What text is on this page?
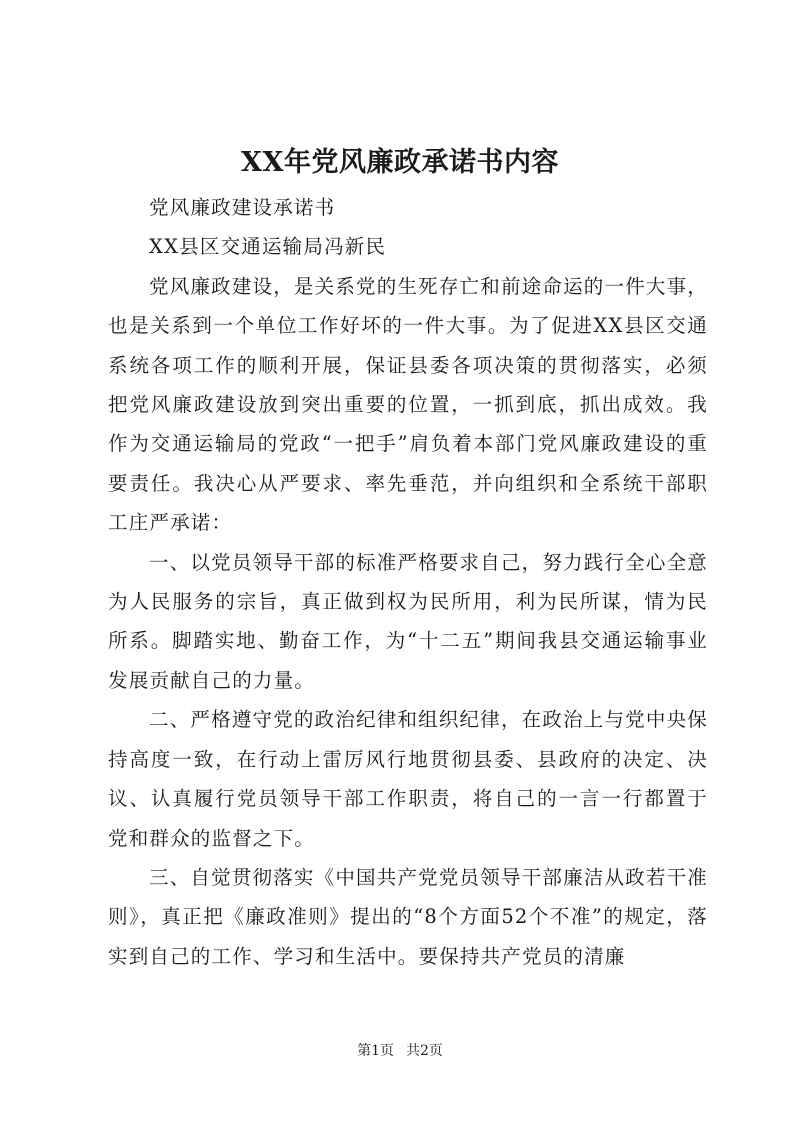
XX年党风廉政承诺书内容

党风廉政建设承诺书

XX县区交通运输局冯新民

党风廉政建设，是关系党的生死存亡和前途命运的一件大事，也是关系到一个单位工作好坏的一件大事。为了促进XX县区交通系统各项工作的顺利开展，保证县委各项决策的贯彻落实，必须把党风廉政建设放到突出重要的位置，一抓到底，抓出成效。我作为交通运输局的党政“一把手”肩负着本部门党风廉政建设的重要责任。我决心从严要求、率先垂范，并向组织和全系统干部职工庄严承诺：

一、以党员领导干部的标准严格要求自己，努力践行全心全意为人民服务的宗旨，真正做到权为民所用，利为民所谋，情为民所系。脚踏实地、勤奋工作，为“十二五”期间我县交通运输事业发展贡献自己的力量。

二、严格遵守党的政治纪律和组织纪律，在政治上与党中央保持高度一致，在行动上雷厉风行地贯彻县委、县政府的决定、决议、认真履行党员领导干部工作职责，将自己的一言一行都置于党和群众的监督之下。

三、自觉贯彻落实《中国共产党党员领导干部廉洁从政若干准则》，真正把《廉政准则》提出的“8个方面52个不准”的规定，落实到自己的工作、学习和生活中。要保持共产党员的清廉

第1页 共2页
